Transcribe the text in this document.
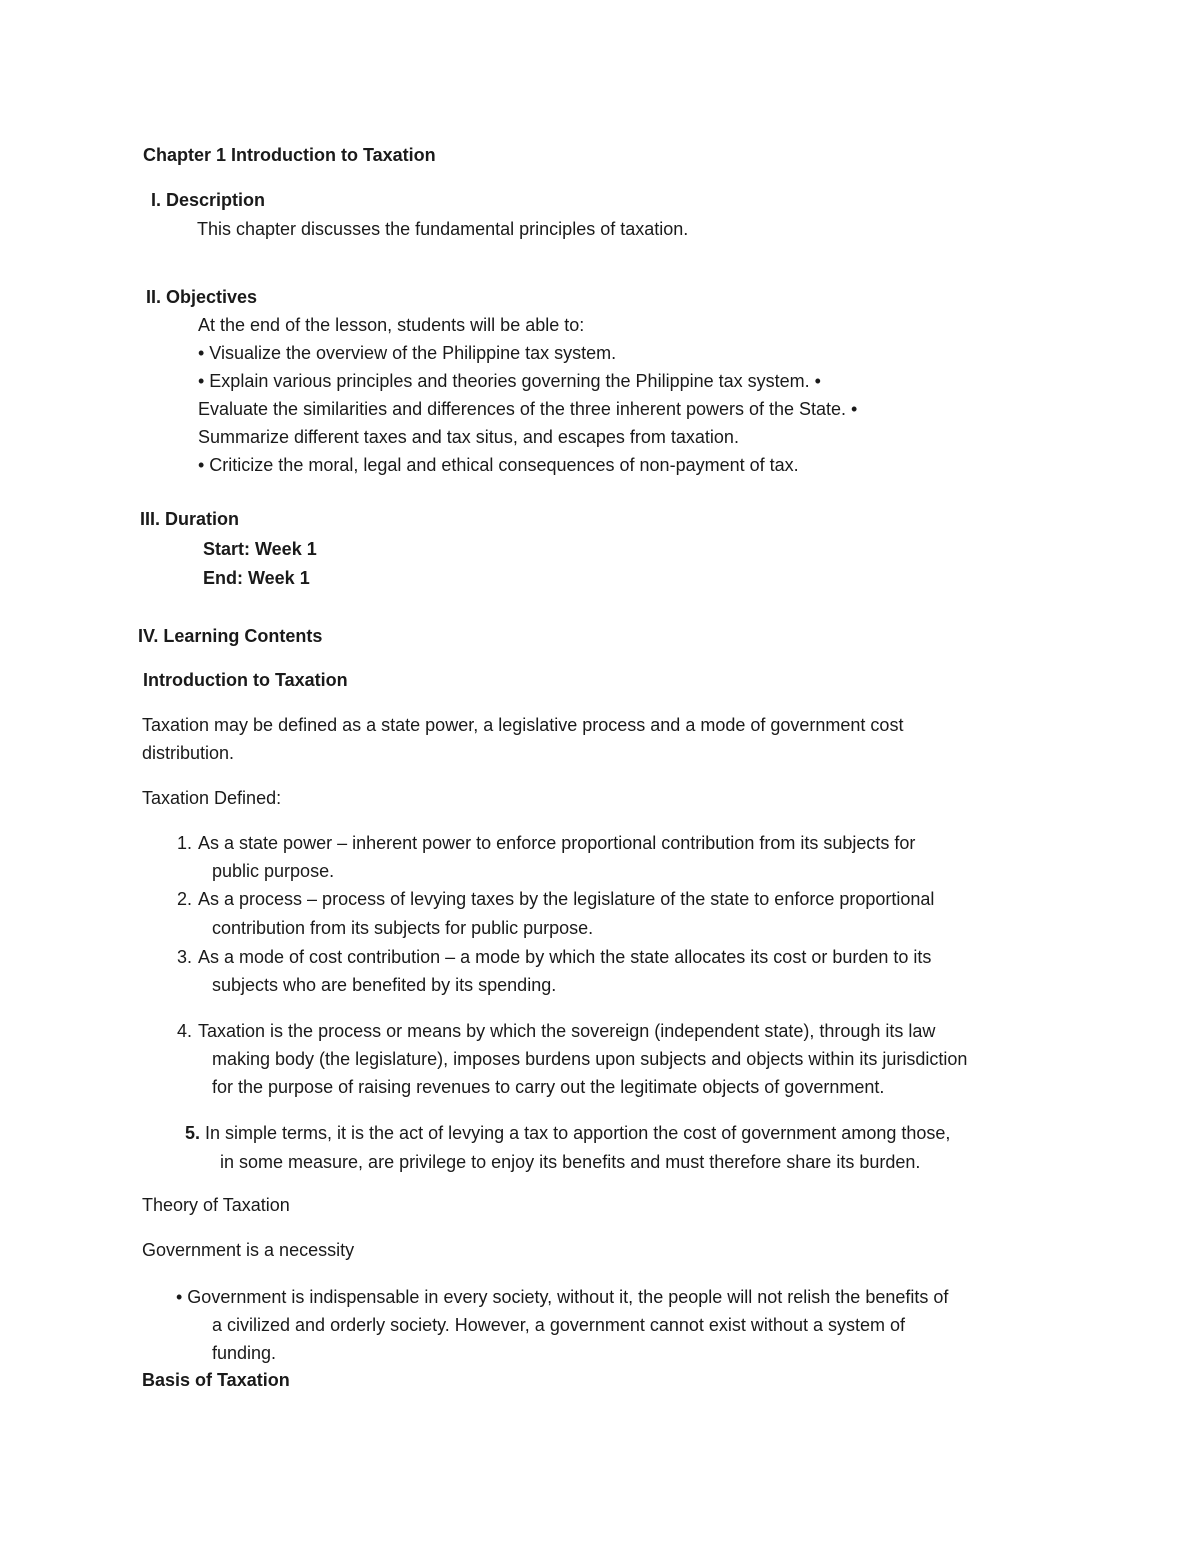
Chapter 1 Introduction to Taxation
I. Description
This chapter discusses the fundamental principles of taxation.
II. Objectives
At the end of the lesson, students will be able to:
• Visualize the overview of the Philippine tax system.
• Explain various principles and theories governing the Philippine tax system. •
Evaluate the similarities and differences of the three inherent powers of the State. •
Summarize different taxes and tax situs, and escapes from taxation.
• Criticize the moral, legal and ethical consequences of non-payment of tax.
III. Duration
Start: Week 1
End: Week 1
IV. Learning Contents
Introduction to Taxation
Taxation may be defined as a state power, a legislative process and a mode of government cost
distribution.
Taxation Defined:
1. As a state power – inherent power to enforce proportional contribution from its subjects for
public purpose.
2. As a process – process of levying taxes by the legislature of the state to enforce proportional
contribution from its subjects for public purpose.
3. As a mode of cost contribution – a mode by which the state allocates its cost or burden to its
subjects who are benefited by its spending.
4. Taxation is the process or means by which the sovereign (independent state), through its law
making body (the legislature), imposes burdens upon subjects and objects within its jurisdiction
for the purpose of raising revenues to carry out the legitimate objects of government.
5. In simple terms, it is the act of levying a tax to apportion the cost of government among those,
in some measure, are privilege to enjoy its benefits and must therefore share its burden.
Theory of Taxation
Government is a necessity
• Government is indispensable in every society, without it, the people will not relish the benefits of
a civilized and orderly society. However, a government cannot exist without a system of
funding.
Basis of Taxation
